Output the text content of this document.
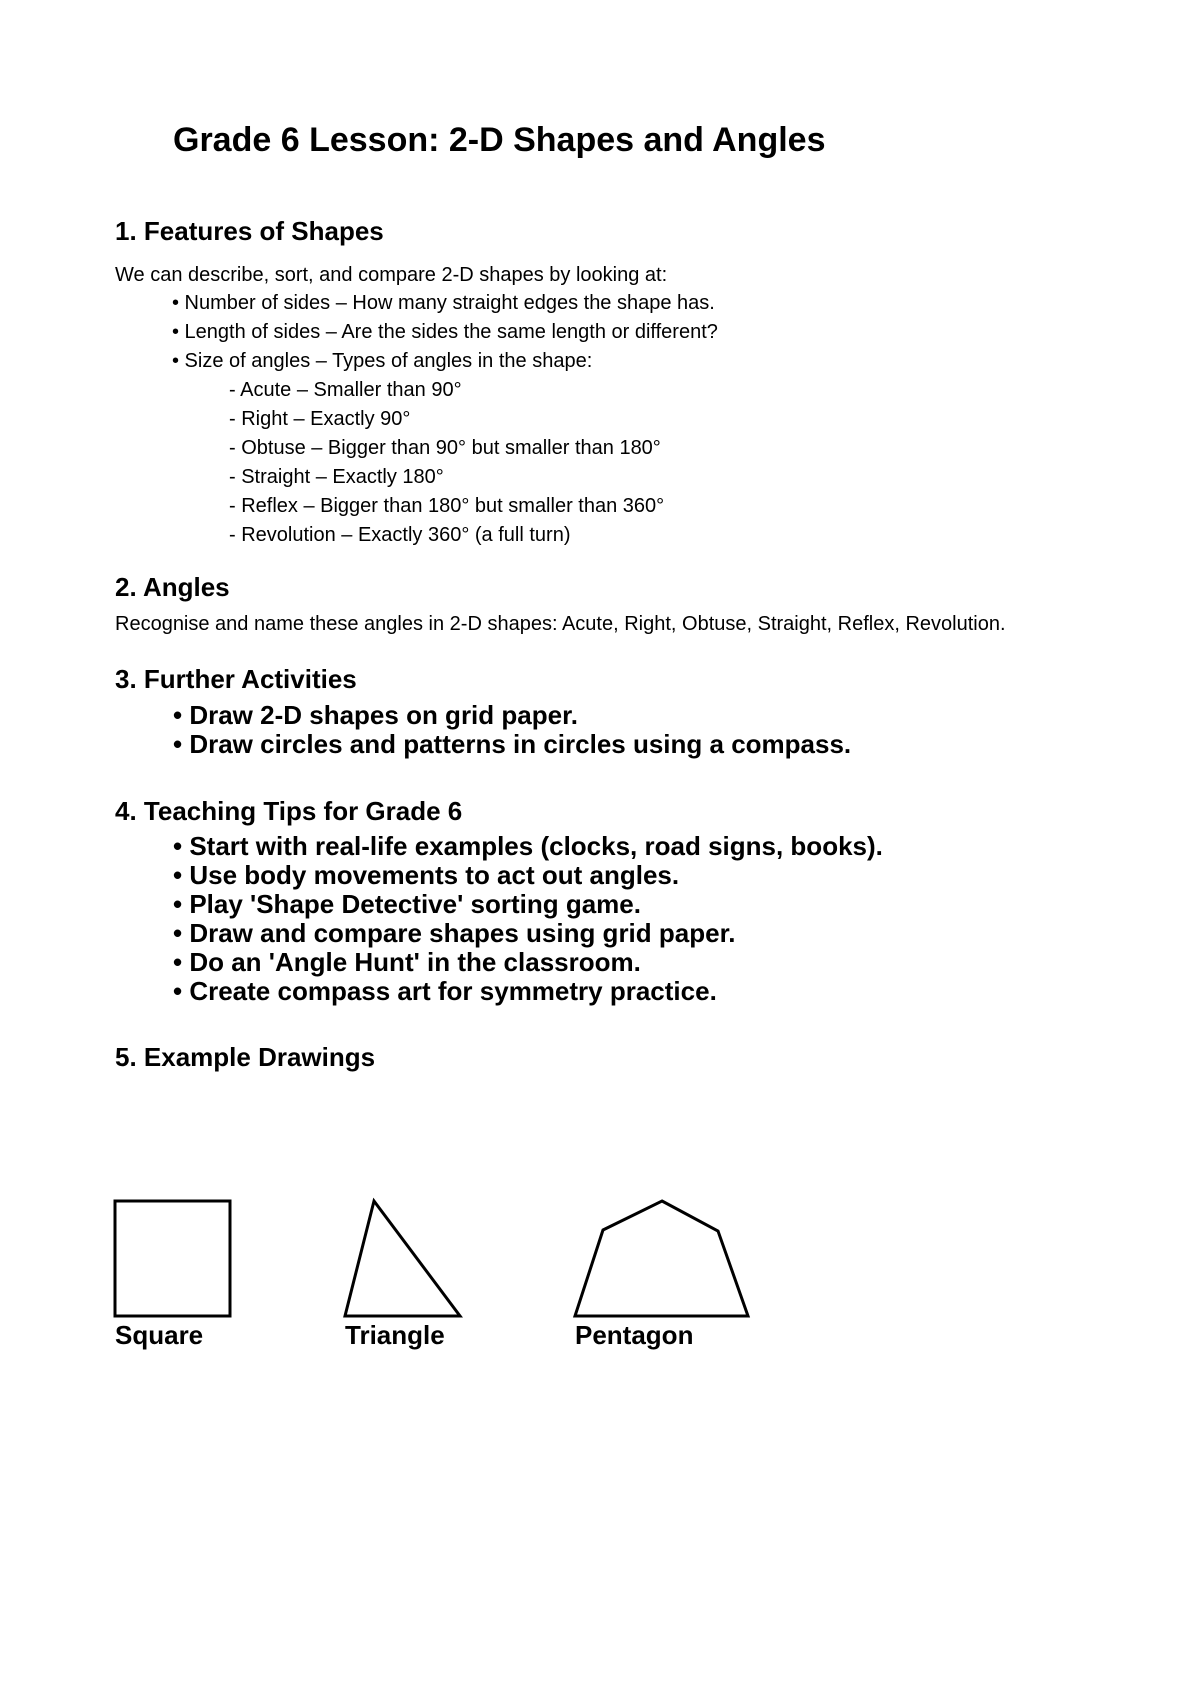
Grade 6 Lesson: 2-D Shapes and Angles
1. Features of Shapes
We can describe, sort, and compare 2-D shapes by looking at:
• Number of sides – How many straight edges the shape has.
• Length of sides – Are the sides the same length or different?
• Size of angles – Types of angles in the shape:
- Acute – Smaller than 90°
- Right – Exactly 90°
- Obtuse – Bigger than 90° but smaller than 180°
- Straight – Exactly 180°
- Reflex – Bigger than 180° but smaller than 360°
- Revolution – Exactly 360° (a full turn)
2. Angles
Recognise and name these angles in 2-D shapes: Acute, Right, Obtuse, Straight, Reflex, Revolution.
3. Further Activities
• Draw 2-D shapes on grid paper.
• Draw circles and patterns in circles using a compass.
4. Teaching Tips for Grade 6
• Start with real-life examples (clocks, road signs, books).
• Use body movements to act out angles.
• Play 'Shape Detective' sorting game.
• Draw and compare shapes using grid paper.
• Do an 'Angle Hunt' in the classroom.
• Create compass art for symmetry practice.
5. Example Drawings
Square	Triangle	Pentagon
